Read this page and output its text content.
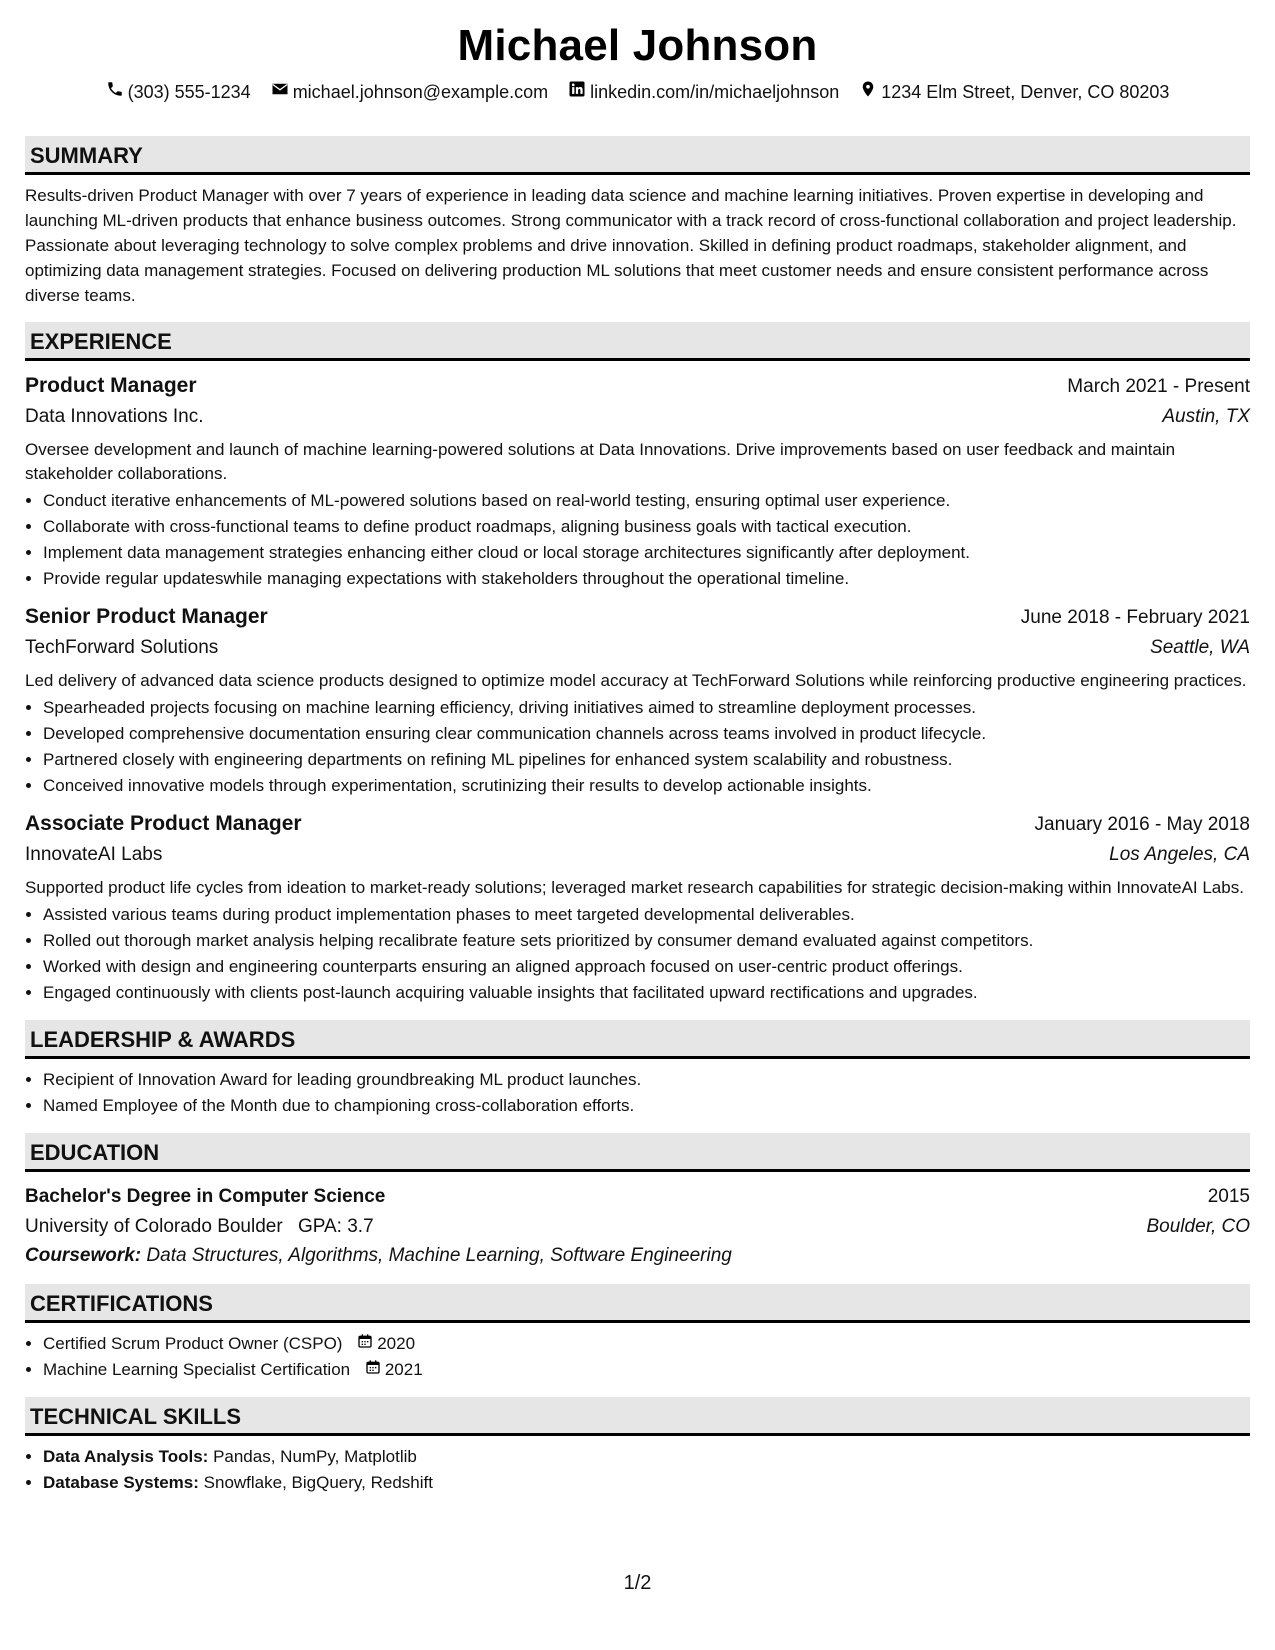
Michael Johnson
(303) 555-1234 michael.johnson@example.com linkedin.com/in/michaeljohnson 1234 Elm Street, Denver, CO 80203
SUMMARY
Results-driven Product Manager with over 7 years of experience in leading data science and machine learning initiatives. Proven expertise in developing and launching ML-driven products that enhance business outcomes. Strong communicator with a track record of cross-functional collaboration and project leadership. Passionate about leveraging technology to solve complex problems and drive innovation. Skilled in defining product roadmaps, stakeholder alignment, and optimizing data management strategies. Focused on delivering production ML solutions that meet customer needs and ensure consistent performance across diverse teams.
EXPERIENCE
Product Manager	March 2021 - Present
Data Innovations Inc.	Austin, TX
Oversee development and launch of machine learning-powered solutions at Data Innovations. Drive improvements based on user feedback and maintain stakeholder collaborations.
• Conduct iterative enhancements of ML-powered solutions based on real-world testing, ensuring optimal user experience.
• Collaborate with cross-functional teams to define product roadmaps, aligning business goals with tactical execution.
• Implement data management strategies enhancing either cloud or local storage architectures significantly after deployment.
• Provide regular updateswhile managing expectations with stakeholders throughout the operational timeline.
Senior Product Manager	June 2018 - February 2021
TechForward Solutions	Seattle, WA
Led delivery of advanced data science products designed to optimize model accuracy at TechForward Solutions while reinforcing productive engineering practices.
• Spearheaded projects focusing on machine learning efficiency, driving initiatives aimed to streamline deployment processes.
• Developed comprehensive documentation ensuring clear communication channels across teams involved in product lifecycle.
• Partnered closely with engineering departments on refining ML pipelines for enhanced system scalability and robustness.
• Conceived innovative models through experimentation, scrutinizing their results to develop actionable insights.
Associate Product Manager	January 2016 - May 2018
InnovateAI Labs	Los Angeles, CA
Supported product life cycles from ideation to market-ready solutions; leveraged market research capabilities for strategic decision-making within InnovateAI Labs.
• Assisted various teams during product implementation phases to meet targeted developmental deliverables.
• Rolled out thorough market analysis helping recalibrate feature sets prioritized by consumer demand evaluated against competitors.
• Worked with design and engineering counterparts ensuring an aligned approach focused on user-centric product offerings.
• Engaged continuously with clients post-launch acquiring valuable insights that facilitated upward rectifications and upgrades.
LEADERSHIP & AWARDS
• Recipient of Innovation Award for leading groundbreaking ML product launches.
• Named Employee of the Month due to championing cross-collaboration efforts.
EDUCATION
Bachelor's Degree in Computer Science	2015
University of Colorado Boulder GPA: 3.7	Boulder, CO
Coursework: Data Structures, Algorithms, Machine Learning, Software Engineering
CERTIFICATIONS
• Certified Scrum Product Owner (CSPO) 2020
• Machine Learning Specialist Certification 2021
TECHNICAL SKILLS
• Data Analysis Tools: Pandas, NumPy, Matplotlib
• Database Systems: Snowflake, BigQuery, Redshift
1/2
